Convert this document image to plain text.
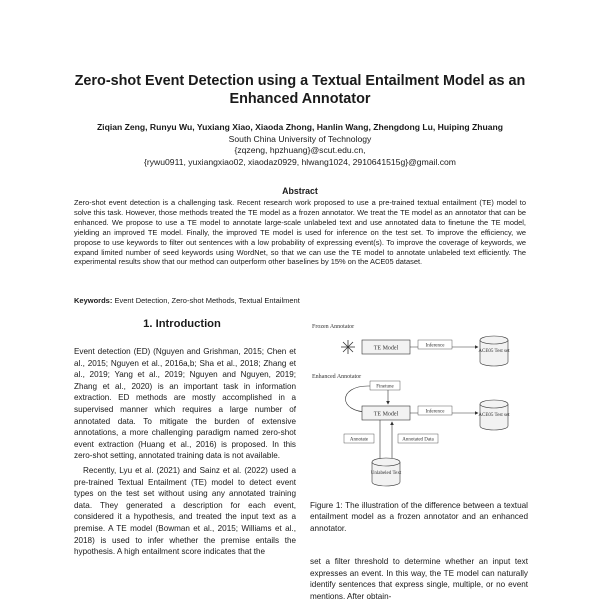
Zero-shot Event Detection using a Textual Entailment Model as an Enhanced Annotator
Ziqian Zeng, Runyu Wu, Yuxiang Xiao, Xiaoda Zhong, Hanlin Wang, Zhengdong Lu, Huiping Zhuang
South China University of Technology
{zqzeng, hpzhuang}@scut.edu.cn,
{rywu0911, yuxiangxiao02, xiaodaz0929, hlwang1024, 2910641515g}@gmail.com
Abstract
Zero-shot event detection is a challenging task. Recent research work proposed to use a pre-trained textual entailment (TE) model to solve this task. However, those methods treated the TE model as a frozen annotator. We treat the TE model as an annotator that can be enhanced. We propose to use a TE model to annotate large-scale unlabeled text and use annotated data to finetune the TE model, yielding an improved TE model. Finally, the improved TE model is used for inference on the test set. To improve the efficiency, we propose to use keywords to filter out sentences with a low probability of expressing event(s). To improve the coverage of keywords, we expand limited number of seed keywords using WordNet, so that we can use the TE model to annotate unlabeled text efficiently. The experimental results show that our method can outperform other baselines by 15% on the ACE05 dataset.
Keywords: Event Detection, Zero-shot Methods, Textual Entailment
1. Introduction

Event detection (ED) (Nguyen and Grishman, 2015; Chen et al., 2015; Nguyen et al., 2016a,b; Sha et al., 2018; Zhang et al., 2019; Yang et al., 2019; Nguyen and Nguyen, 2019; Zhang et al., 2020) is an important task in information extraction. ED methods are mostly accomplished in a supervised manner which requires a large number of annotated data. To mitigate the burden of extensive annotations, a more challenging paradigm named zero-shot event extraction (Huang et al., 2016) is proposed. In this zero-shot setting, annotated training data is not available.

Recently, Lyu et al. (2021) and Sainz et al. (2022) used a pre-trained Textual Entailment (TE) model to detect event types on the test set without using any annotated training data. They generated a description for each event, considered it a hypothesis, and treated the input text as a premise. A TE model (Bowman et al., 2015; Williams et al., 2018) is used to infer whether the premise entails the hypothesis. A high entailment score indicates that the

Frozen Annotator
TE Model	Inference
ACE05 Test set
Enhanced Annotator
Finetune
TE Model	Inference
ACE05 Test set
Annotate	Annotated Data
Unlabeled Text
Figure 1: The illustration of the difference between a textual entailment model as a frozen annotator and an enhanced annotator.
set a filter threshold to determine whether an input text expresses an event. In this way, the TE model can naturally identify sentences that express single, multiple, or no event mentions. After obtain-
